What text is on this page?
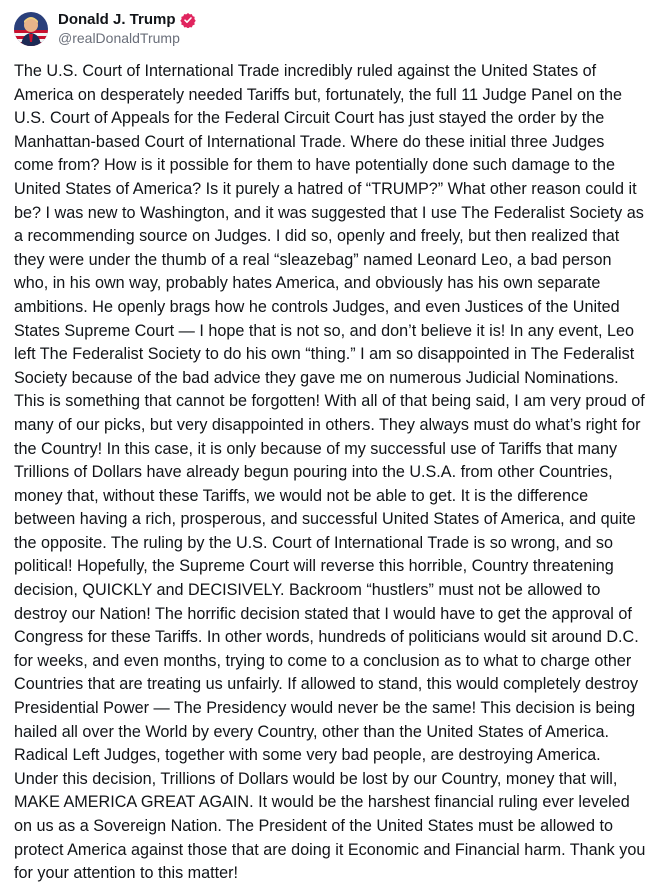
Donald J. Trump
@realDonaldTrump
The U.S. Court of International Trade incredibly ruled against the United States of America on desperately needed Tariffs but, fortunately, the full 11 Judge Panel on the U.S. Court of Appeals for the Federal Circuit Court has just stayed the order by the Manhattan-based Court of International Trade. Where do these initial three Judges come from? How is it possible for them to have potentially done such damage to the United States of America? Is it purely a hatred of “TRUMP?” What other reason could it be? I was new to Washington, and it was suggested that I use The Federalist Society as a recommending source on Judges. I did so, openly and freely, but then realized that they were under the thumb of a real “sleazebag” named Leonard Leo, a bad person who, in his own way, probably hates America, and obviously has his own separate ambitions. He openly brags how he controls Judges, and even Justices of the United States Supreme Court — I hope that is not so, and don’t believe it is! In any event, Leo left The Federalist Society to do his own “thing.” I am so disappointed in The Federalist Society because of the bad advice they gave me on numerous Judicial Nominations. This is something that cannot be forgotten! With all of that being said, I am very proud of many of our picks, but very disappointed in others. They always must do what’s right for the Country! In this case, it is only because of my successful use of Tariffs that many Trillions of Dollars have already begun pouring into the U.S.A. from other Countries, money that, without these Tariffs, we would not be able to get. It is the difference between having a rich, prosperous, and successful United States of America, and quite the opposite. The ruling by the U.S. Court of International Trade is so wrong, and so political! Hopefully, the Supreme Court will reverse this horrible, Country threatening decision, QUICKLY and DECISIVELY. Backroom “hustlers” must not be allowed to destroy our Nation! The horrific decision stated that I would have to get the approval of Congress for these Tariffs. In other words, hundreds of politicians would sit around D.C. for weeks, and even months, trying to come to a conclusion as to what to charge other Countries that are treating us unfairly. If allowed to stand, this would completely destroy Presidential Power — The Presidency would never be the same! This decision is being hailed all over the World by every Country, other than the United States of America. Radical Left Judges, together with some very bad people, are destroying America. Under this decision, Trillions of Dollars would be lost by our Country, money that will, MAKE AMERICA GREAT AGAIN. It would be the harshest financial ruling ever leveled on us as a Sovereign Nation. The President of the United States must be allowed to protect America against those that are doing it Economic and Financial harm. Thank you for your attention to this matter!
